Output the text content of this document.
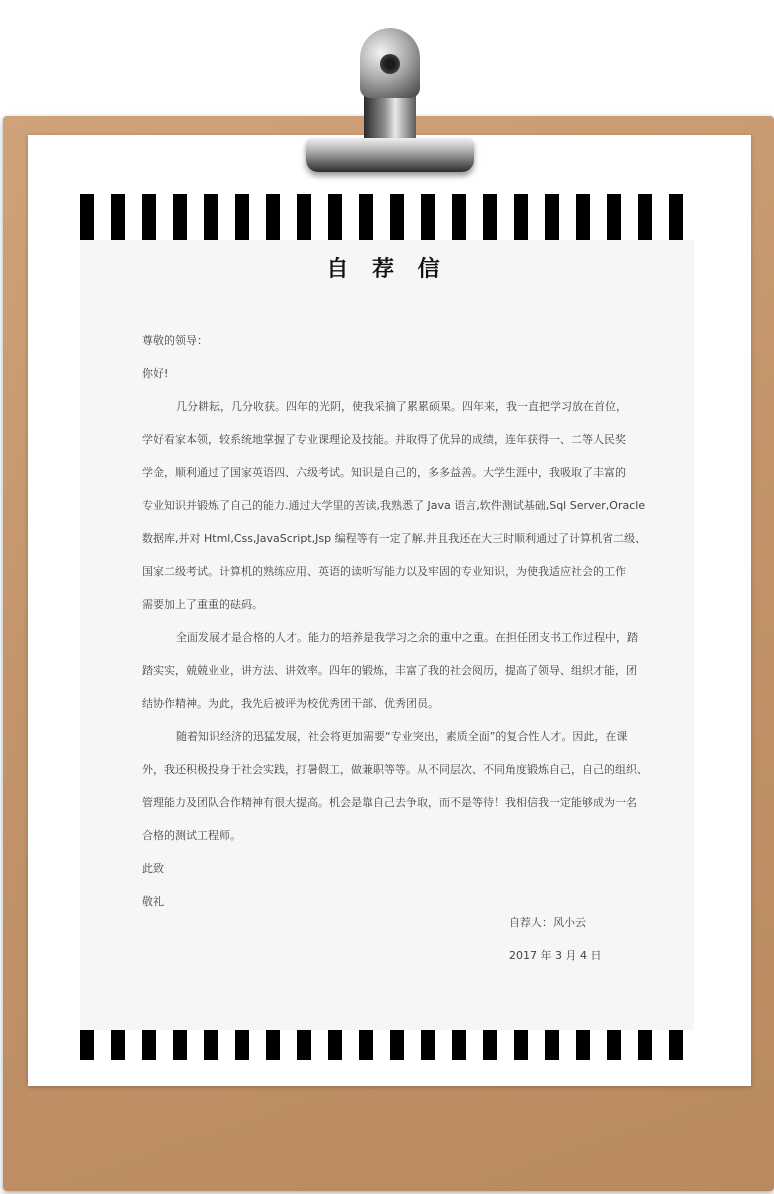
自 荐 信
尊敬的领导：
你好!
几分耕耘，几分收获。四年的光阴，使我采摘了累累硕果。四年来，我一直把学习放在首位，
学好看家本领，较系统地掌握了专业课理论及技能。并取得了优异的成绩，连年获得一、二等人民奖
学金，顺利通过了国家英语四、六级考试。知识是自己的，多多益善。大学生涯中，我吸取了丰富的
专业知识并锻炼了自己的能力.通过大学里的苦读,我熟悉了 Java 语言,软件测试基础,Sql Server,Oracle
数据库,并对 Html,Css,JavaScript,Jsp 编程等有一定了解.并且我还在大三时顺利通过了计算机省二级、
国家二级考试。计算机的熟练应用、英语的读听写能力以及牢固的专业知识，为使我适应社会的工作
需要加上了重重的砝码。
全面发展才是合格的人才。能力的培养是我学习之余的重中之重。在担任团支书工作过程中，踏
踏实实，兢兢业业，讲方法、讲效率。四年的锻炼，丰富了我的社会阅历，提高了领导、组织才能，团
结协作精神。为此，我先后被评为校优秀团干部、优秀团员。
随着知识经济的迅猛发展，社会将更加需要“专业突出，素质全面”的复合性人才。因此，在课
外，我还积极投身于社会实践，打暑假工，做兼职等等。从不同层次、不同角度锻炼自己，自己的组织、
管理能力及团队合作精神有很大提高。机会是靠自己去争取，而不是等待！我相信我一定能够成为一名
合格的测试工程师。
此致
敬礼
自荐人：风小云
2017 年 3 月 4 日
